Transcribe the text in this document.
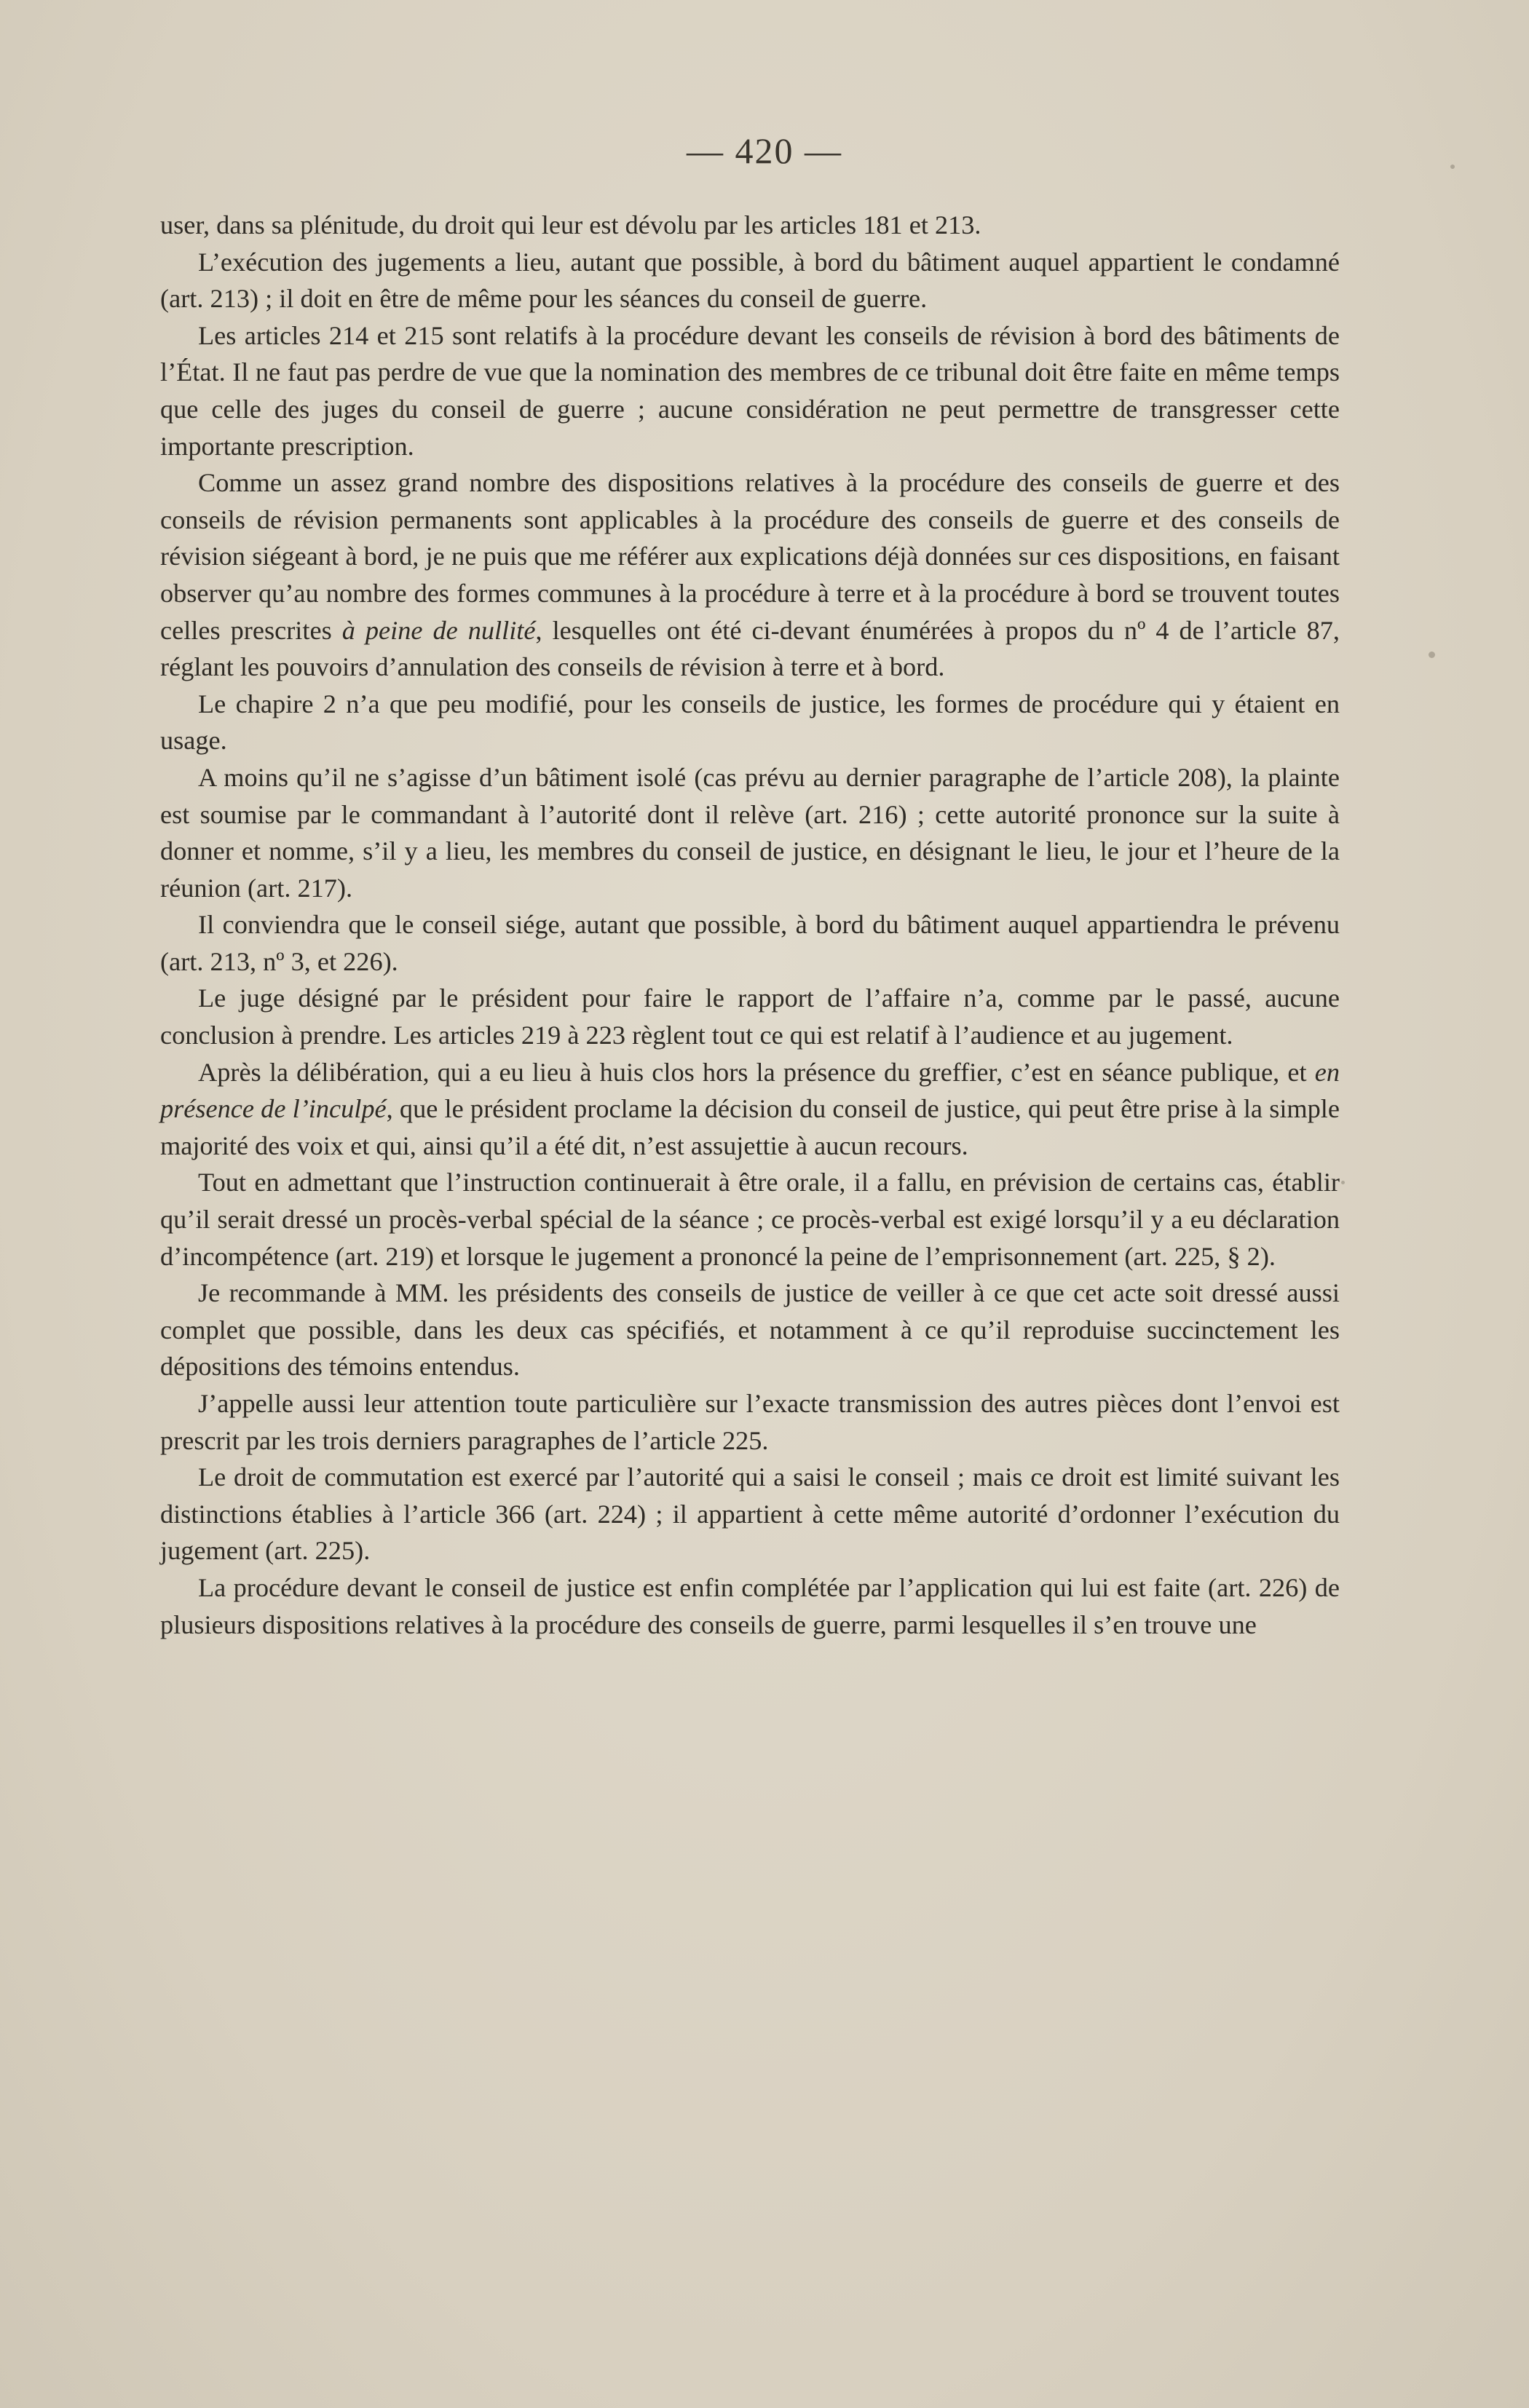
— 420 —

user, dans sa plénitude, du droit qui leur est dévolu par les articles 181 et 213.

L’exécution des jugements a lieu, autant que possible, à bord du bâtiment auquel appartient le condamné (art. 213) ; il doit en être de même pour les séances du conseil de guerre.

Les articles 214 et 215 sont relatifs à la procédure devant les conseils de révision à bord des bâtiments de l’État. Il ne faut pas perdre de vue que la nomination des membres de ce tribunal doit être faite en même temps que celle des juges du conseil de guerre ; aucune considération ne peut permettre de transgresser cette importante prescription.

Comme un assez grand nombre des dispositions relatives à la procédure des conseils de guerre et des conseils de révision permanents sont applicables à la procédure des conseils de guerre et des conseils de révision siégeant à bord, je ne puis que me référer aux explications déjà données sur ces dispositions, en faisant observer qu’au nombre des formes communes à la procédure à terre et à la procédure à bord se trouvent toutes celles prescrites à peine de nullité, lesquelles ont été ci-devant énumérées à propos du nº 4 de l’article 87, réglant les pouvoirs d’annulation des conseils de révision à terre et à bord.

Le chapire 2 n’a que peu modifié, pour les conseils de justice, les formes de procédure qui y étaient en usage.

A moins qu’il ne s’agisse d’un bâtiment isolé (cas prévu au dernier paragraphe de l’article 208), la plainte est soumise par le commandant à l’autorité dont il relève (art. 216) ; cette autorité prononce sur la suite à donner et nomme, s’il y a lieu, les membres du conseil de justice, en désignant le lieu, le jour et l’heure de la réunion (art. 217).

Il conviendra que le conseil siége, autant que possible, à bord du bâtiment auquel appartiendra le prévenu (art. 213, nº 3, et 226).

Le juge désigné par le président pour faire le rapport de l’affaire n’a, comme par le passé, aucune conclusion à prendre. Les articles 219 à 223 règlent tout ce qui est relatif à l’audience et au jugement.

Après la délibération, qui a eu lieu à huis clos hors la présence du greffier, c’est en séance publique, et en présence de l’inculpé, que le président proclame la décision du conseil de justice, qui peut être prise à la simple majorité des voix et qui, ainsi qu’il a été dit, n’est assujettie à aucun recours.

Tout en admettant que l’instruction continuerait à être orale, il a fallu, en prévision de certains cas, établir qu’il serait dressé un procès-verbal spécial de la séance ; ce procès-verbal est exigé lorsqu’il y a eu déclaration d’incompétence (art. 219) et lorsque le jugement a prononcé la peine de l’emprisonnement (art. 225, § 2).

Je recommande à MM. les présidents des conseils de justice de veiller à ce que cet acte soit dressé aussi complet que possible, dans les deux cas spécifiés, et notamment à ce qu’il reproduise succinctement les dépositions des témoins entendus.

J’appelle aussi leur attention toute particulière sur l’exacte transmission des autres pièces dont l’envoi est prescrit par les trois derniers paragraphes de l’article 225.

Le droit de commutation est exercé par l’autorité qui a saisi le conseil ; mais ce droit est limité suivant les distinctions établies à l’article 366 (art. 224) ; il appartient à cette même autorité d’ordonner l’exécution du jugement (art. 225).

La procédure devant le conseil de justice est enfin complétée par l’application qui lui est faite (art. 226) de plusieurs dispositions relatives à la procédure des conseils de guerre, parmi lesquelles il s’en trouve une
